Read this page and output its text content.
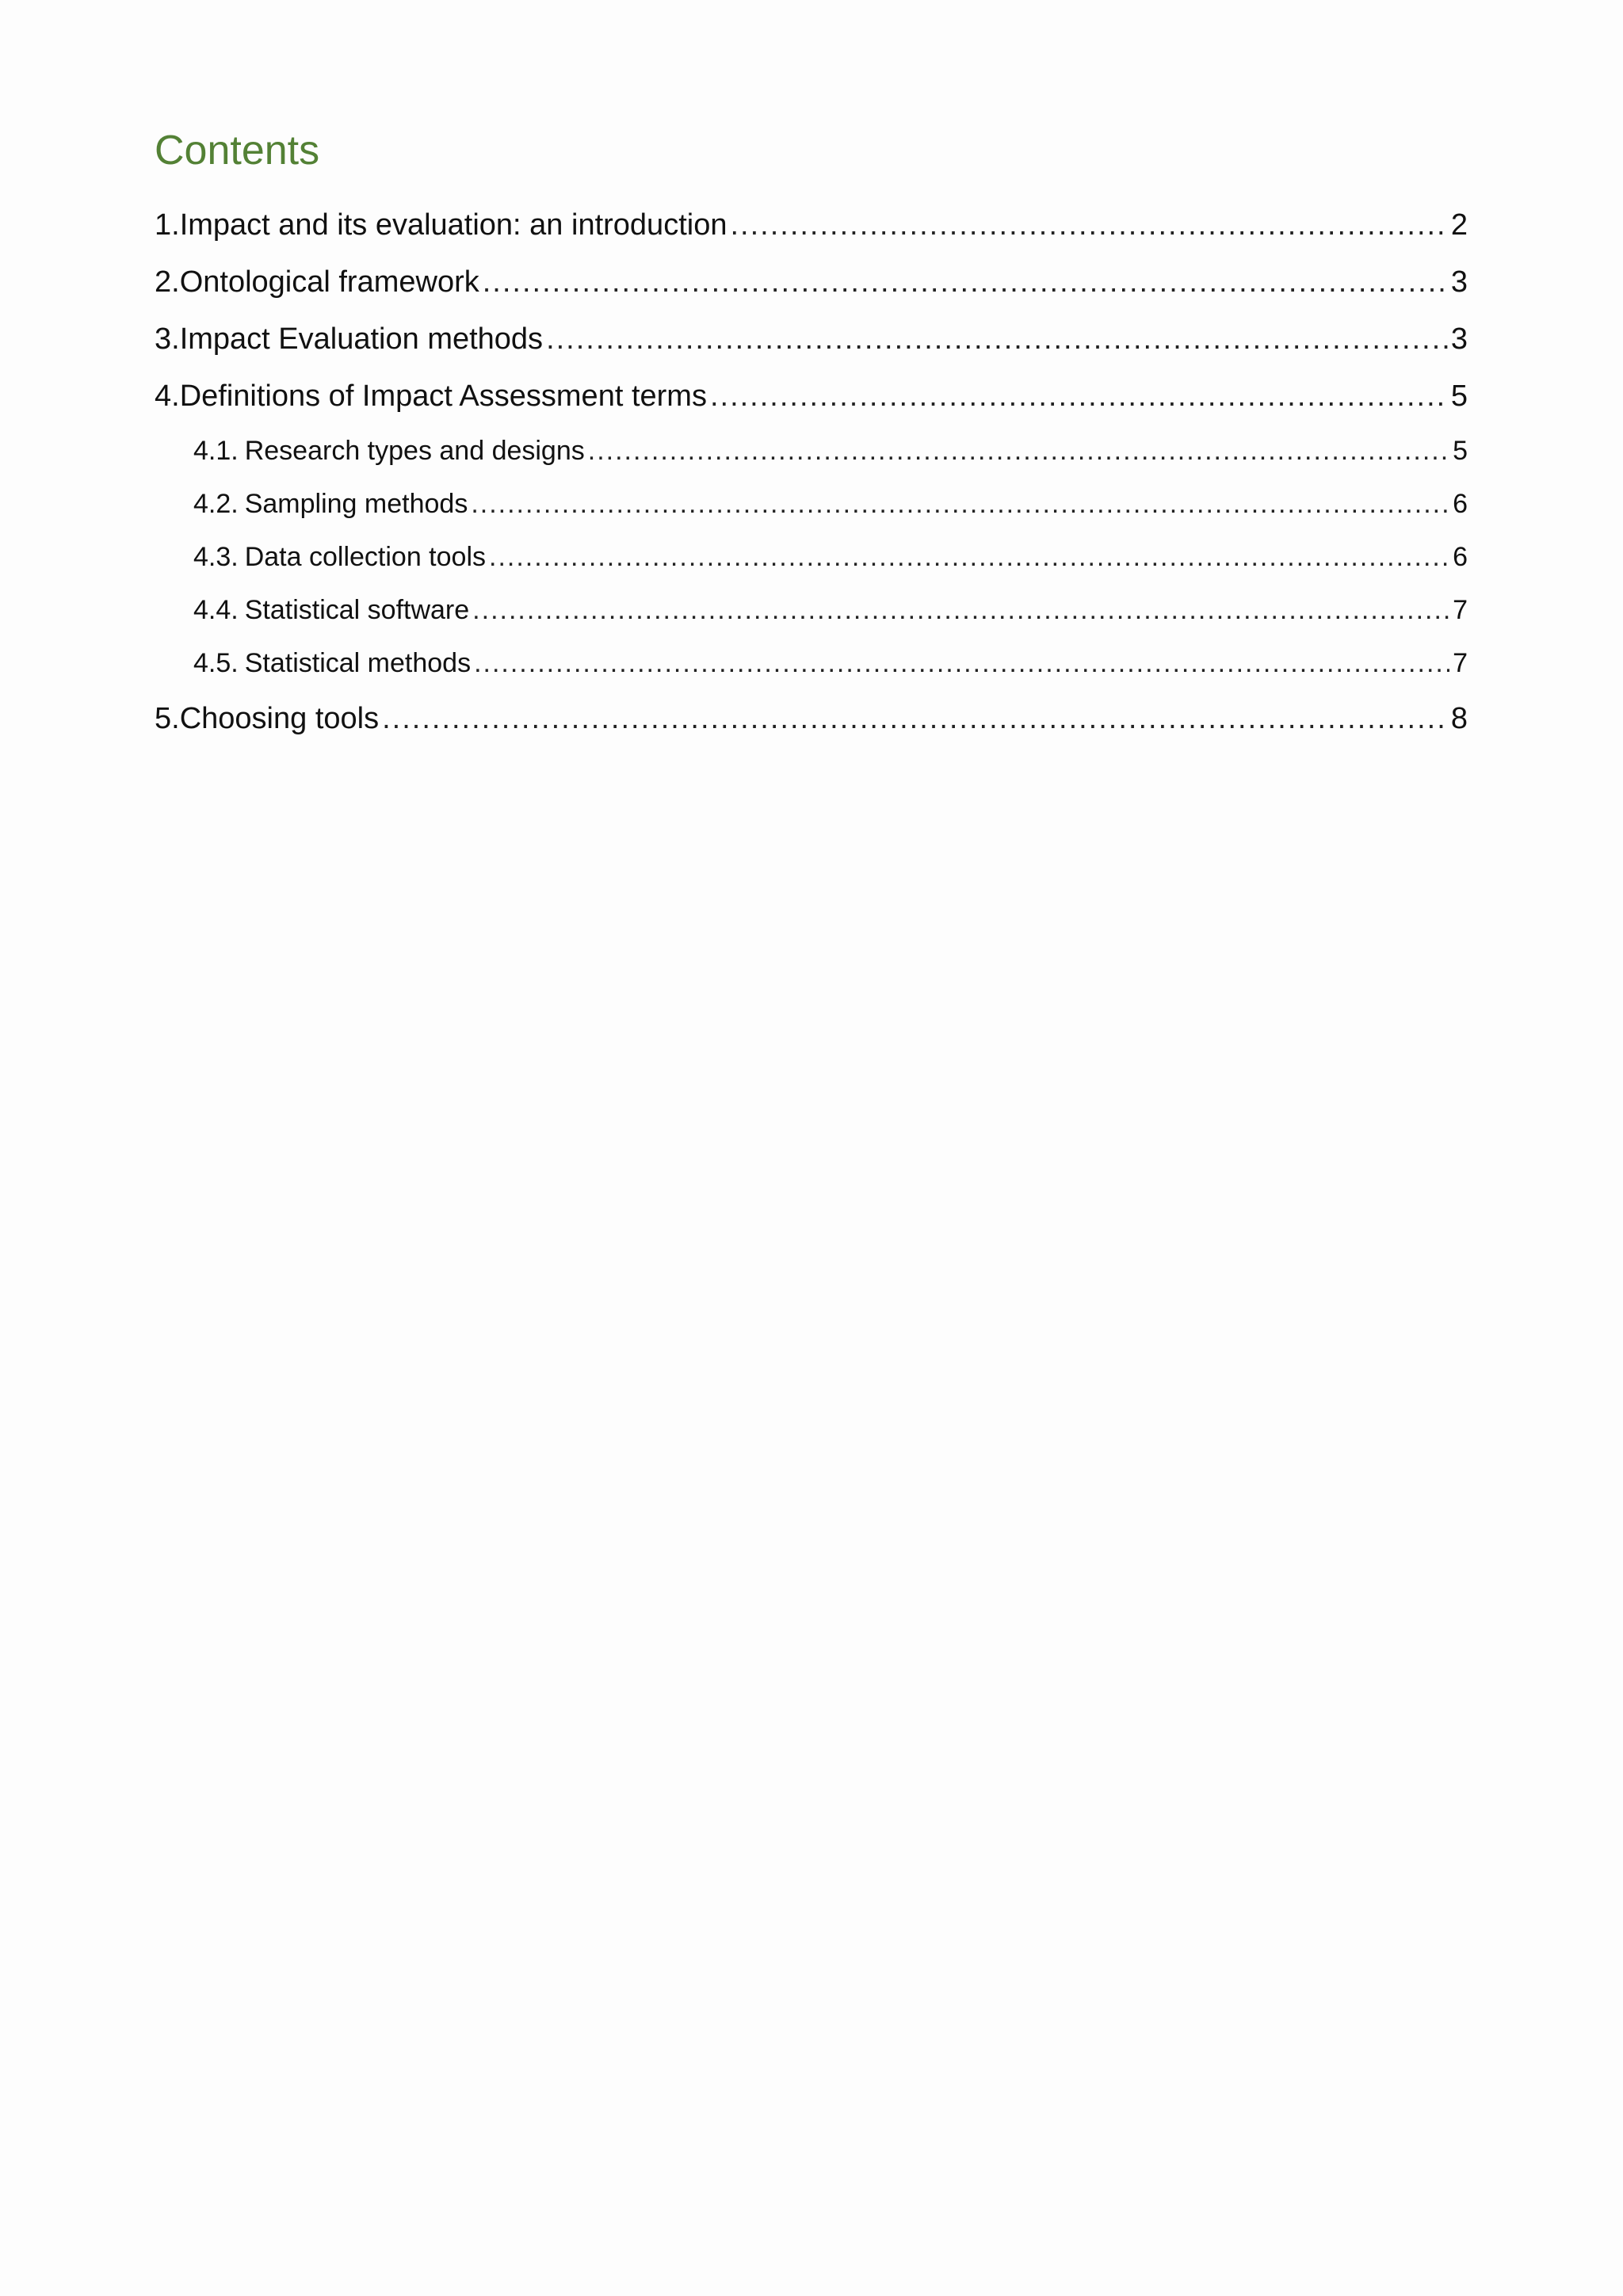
Contents
1. Impact and its evaluation: an introduction .....	2
2. Ontological framework .....	3
3. Impact Evaluation methods .....	3
4. Definitions of Impact Assessment terms .....	5
4.1. Research types and designs .....	5
4.2. Sampling methods .....	6
4.3. Data collection tools .....	6
4.4. Statistical software .....	7
4.5. Statistical methods .....	7
5. Choosing tools .....	8
